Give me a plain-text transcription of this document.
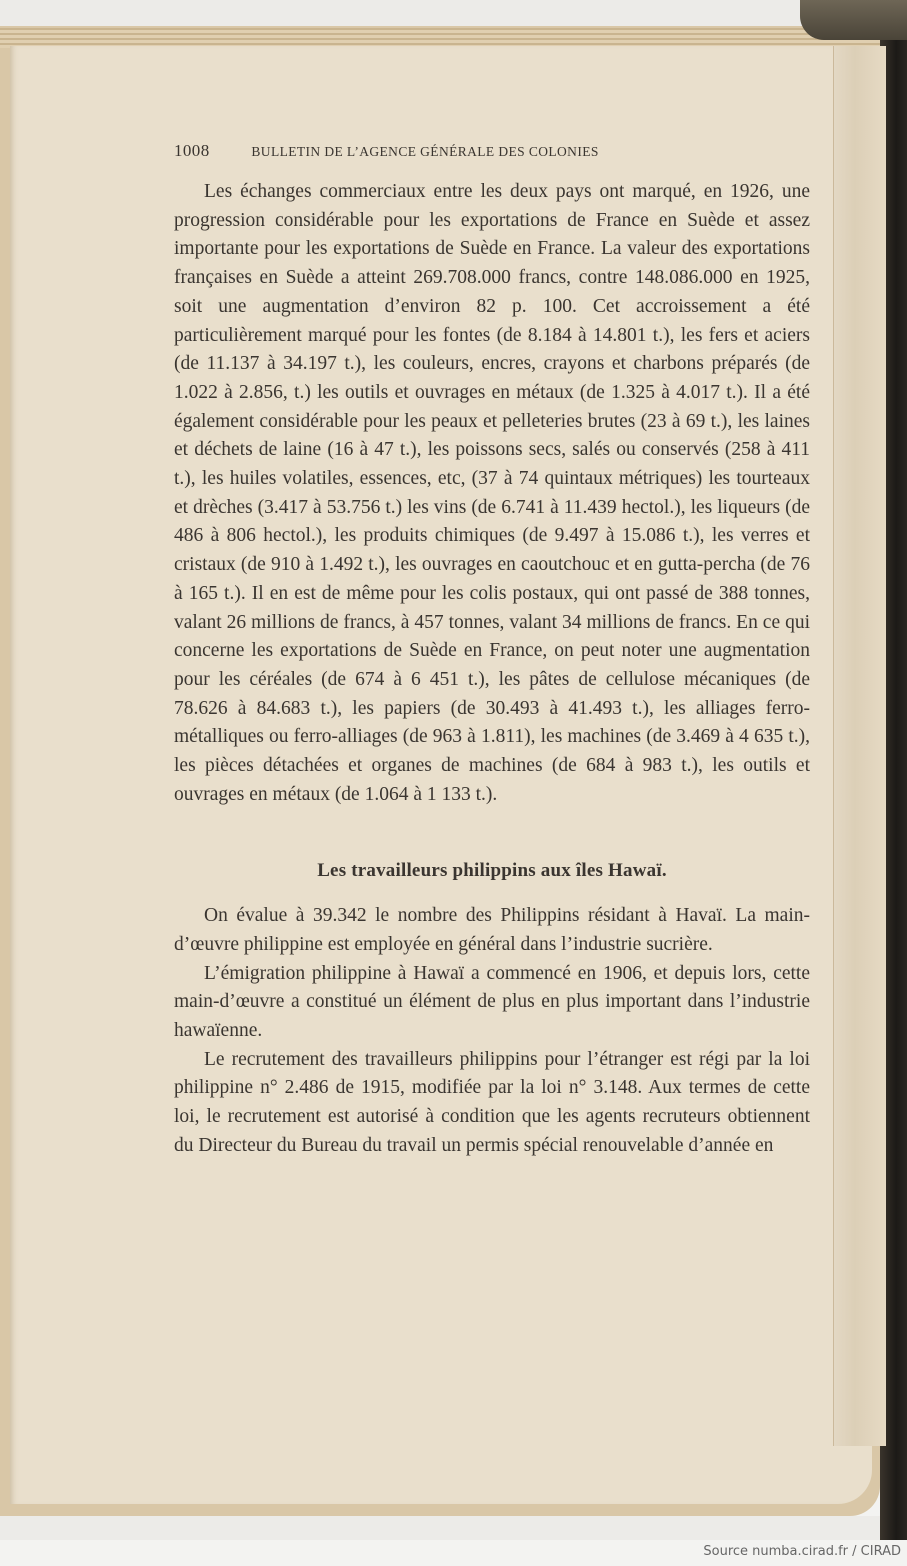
1008	BULLETIN DE L’AGENCE GÉNÉRALE DES COLONIES

Les échanges commerciaux entre les deux pays ont marqué, en 1926, une progression considérable pour les exportations de France en Suède et assez importante pour les exportations de Suède en France. La valeur des exportations françaises en Suède a atteint 269.708.000 francs, contre 148.086.000 en 1925, soit une augmentation d’environ 82 p. 100. Cet accroissement a été particulièrement marqué pour les fontes (de 8.184 à 14.801 t.), les fers et aciers (de 11.137 à 34.197 t.), les couleurs, encres, crayons et charbons préparés (de 1.022 à 2.856, t.) les outils et ouvrages en métaux (de 1.325 à 4.017 t.). Il a été également considérable pour les peaux et pelleteries brutes (23 à 69 t.), les laines et déchets de laine (16 à 47 t.), les poissons secs, salés ou conservés (258 à 411 t.), les huiles volatiles, essences, etc, (37 à 74 quintaux métriques) les tourteaux et drèches (3.417 à 53.756 t.) les vins (de 6.741 à 11.439 hectol.), les liqueurs (de 486 à 806 hectol.), les produits chimiques (de 9.497 à 15.086 t.), les verres et cristaux (de 910 à 1.492 t.), les ouvrages en caoutchouc et en gutta-percha (de 76 à 165 t.). Il en est de même pour les colis postaux, qui ont passé de 388 tonnes, valant 26 millions de francs, à 457 tonnes, valant 34 millions de francs. En ce qui concerne les exportations de Suède en France, on peut noter une augmentation pour les céréales (de 674 à 6 451 t.), les pâtes de cellulose mécaniques (de 78.626 à 84.683 t.), les papiers (de 30.493 à 41.493 t.), les alliages ferro-métalliques ou ferro-alliages (de 963 à 1.811), les machines (de 3.469 à 4 635 t.), les pièces détachées et organes de machines (de 684 à 983 t.), les outils et ouvrages en métaux (de 1.064 à 1 133 t.).

Les travailleurs philippins aux îles Hawaï.

On évalue à 39.342 le nombre des Philippins résidant à Havaï. La main-d’œuvre philippine est employée en général dans l’industrie sucrière.

L’émigration philippine à Hawaï a commencé en 1906, et depuis lors, cette main-d’œuvre a constitué un élément de plus en plus important dans l’industrie hawaïenne.

Le recrutement des travailleurs philippins pour l’étranger est régi par la loi philippine n° 2.486 de 1915, modifiée par la loi n° 3.148. Aux termes de cette loi, le recrutement est autorisé à condition que les agents recruteurs obtiennent du Directeur du Bureau du travail un permis spécial renouvelable d’année en

Source numba.cirad.fr / CIRAD
